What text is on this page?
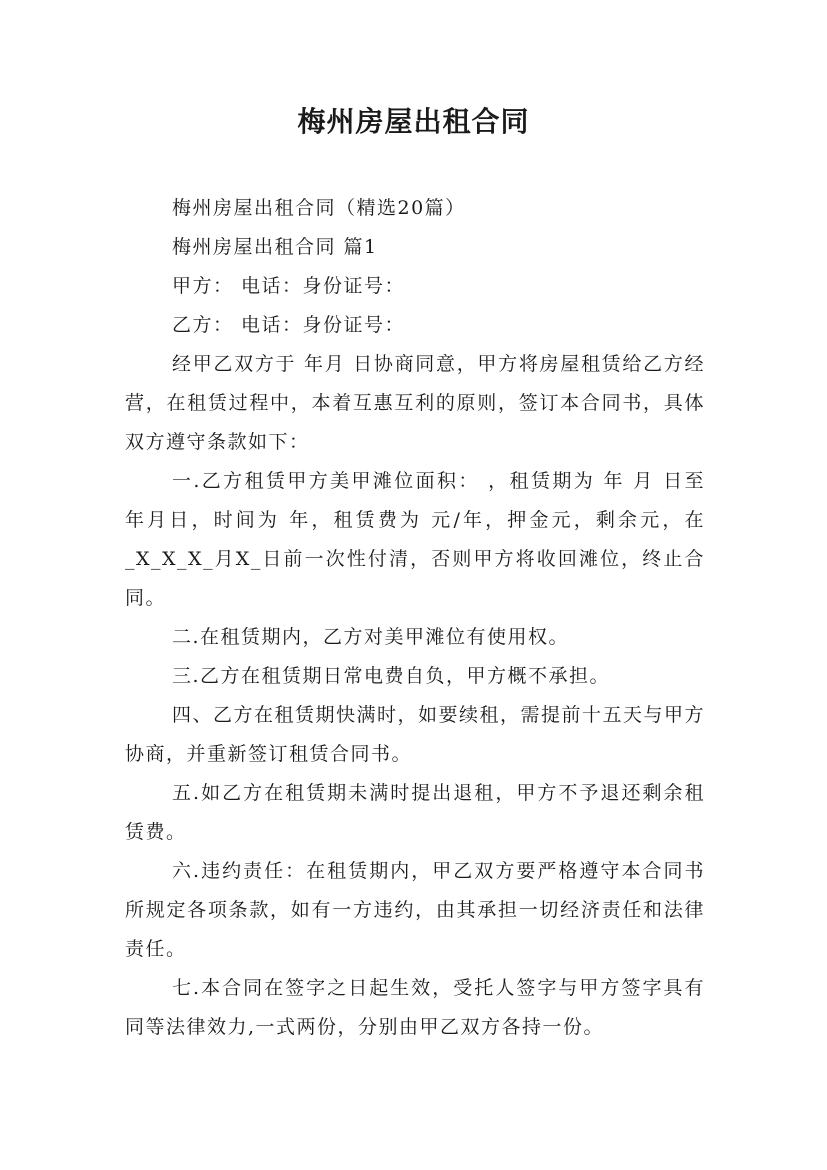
梅州房屋出租合同

梅州房屋出租合同（精选20篇）

梅州房屋出租合同 篇1

甲方： 电话：身份证号：

乙方： 电话：身份证号：

经甲乙双方于 年月 日协商同意，甲方将房屋租赁给乙方经营，在租赁过程中，本着互惠互利的原则，签订本合同书，具体双方遵守条款如下：

一.乙方租赁甲方美甲滩位面积： ，租赁期为 年 月 日至 年月日，时间为 年，租赁费为 元/年，押金元，剩余元，在_X_X_X_月X_日前一次性付清，否则甲方将收回滩位，终止合同。

二.在租赁期内，乙方对美甲滩位有使用权。

三.乙方在租赁期日常电费自负，甲方概不承担。

四、乙方在租赁期快满时，如要续租，需提前十五天与甲方协商，并重新签订租赁合同书。

五.如乙方在租赁期未满时提出退租，甲方不予退还剩余租赁费。

六.违约责任：在租赁期内，甲乙双方要严格遵守本合同书所规定各项条款，如有一方违约，由其承担一切经济责任和法律责任。

七.本合同在签字之日起生效，受托人签字与甲方签字具有同等法律效力,一式两份，分别由甲乙双方各持一份。
